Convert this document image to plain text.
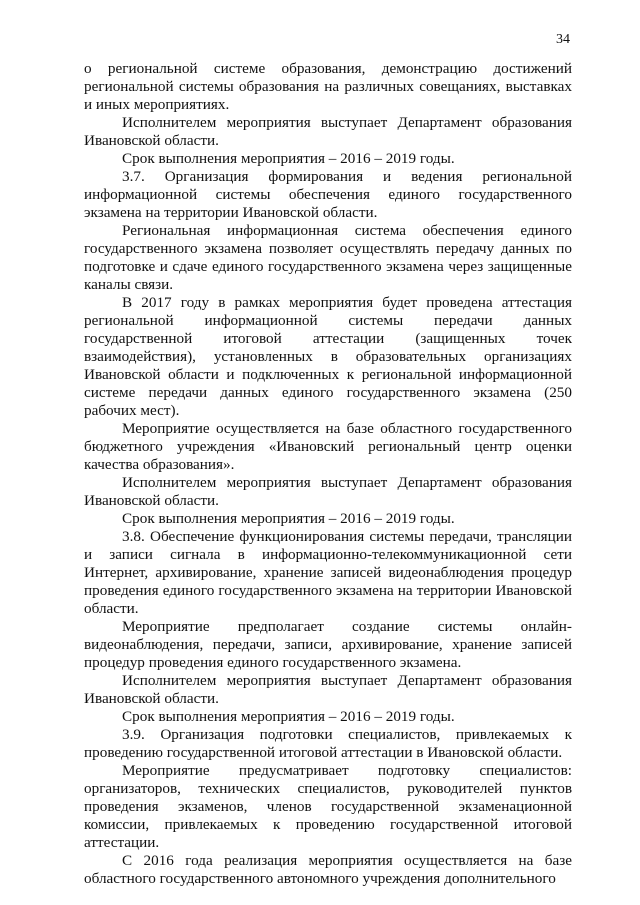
34

о региональной системе образования, демонстрацию достижений региональной системы образования на различных совещаниях, выставках и иных мероприятиях.

Исполнителем мероприятия выступает Департамент образования Ивановской области.

Срок выполнения мероприятия – 2016 – 2019 годы.

3.7. Организация формирования и ведения региональной информационной системы обеспечения единого государственного экзамена на территории Ивановской области.

Региональная информационная система обеспечения единого государственного экзамена позволяет осуществлять передачу данных по подготовке и сдаче единого государственного экзамена через защищенные каналы связи.

В 2017 году в рамках мероприятия будет проведена аттестация региональной информационной системы передачи данных государственной итоговой аттестации (защищенных точек взаимодействия), установленных в образовательных организациях Ивановской области и подключенных к региональной информационной системе передачи данных единого государственного экзамена (250 рабочих мест).

Мероприятие осуществляется на базе областного государственного бюджетного учреждения «Ивановский региональный центр оценки качества образования».

Исполнителем мероприятия выступает Департамент образования Ивановской области.

Срок выполнения мероприятия – 2016 – 2019 годы.

3.8. Обеспечение функционирования системы передачи, трансляции и записи сигнала в информационно-телекоммуникационной сети Интернет, архивирование, хранение записей видеонаблюдения процедур проведения единого государственного экзамена на территории Ивановской области.

Мероприятие предполагает создание системы онлайн-видеонаблюдения, передачи, записи, архивирование, хранение записей процедур проведения единого государственного экзамена.

Исполнителем мероприятия выступает Департамент образования Ивановской области.

Срок выполнения мероприятия – 2016 – 2019 годы.

3.9. Организация подготовки специалистов, привлекаемых к проведению государственной итоговой аттестации в Ивановской области.

Мероприятие предусматривает подготовку специалистов: организаторов, технических специалистов, руководителей пунктов проведения экзаменов, членов государственной экзаменационной комиссии, привлекаемых к проведению государственной итоговой аттестации.

С 2016 года реализация мероприятия осуществляется на базе областного государственного автономного учреждения дополнительного
